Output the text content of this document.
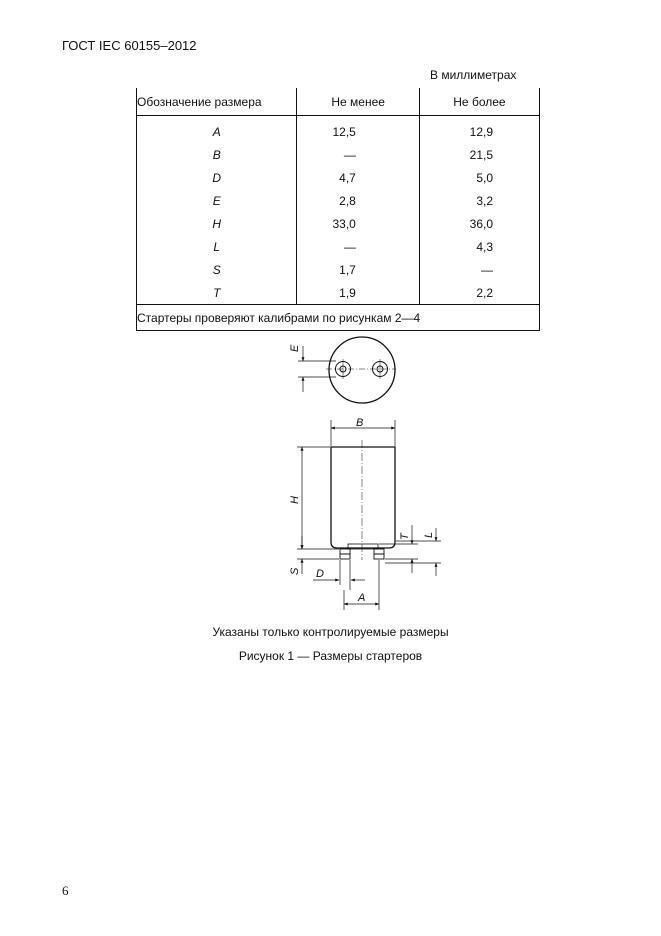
ГОСТ IEC 60155–2012
В миллиметрах
Обозначение размера	Не менее	Не более
A	12,5	12,9
B	—	21,5
D	4,7	5,0
E	2,8	3,2
H	33,0	36,0
L	—	4,3
S	1,7	—
T	1,9	2,2
Стартеры проверяют калибрами по рисункам 2—4		
E
B
H
S
T L
D
A
Указаны только контролируемые размеры
Рисунок 1 — Размеры стартеров
6
